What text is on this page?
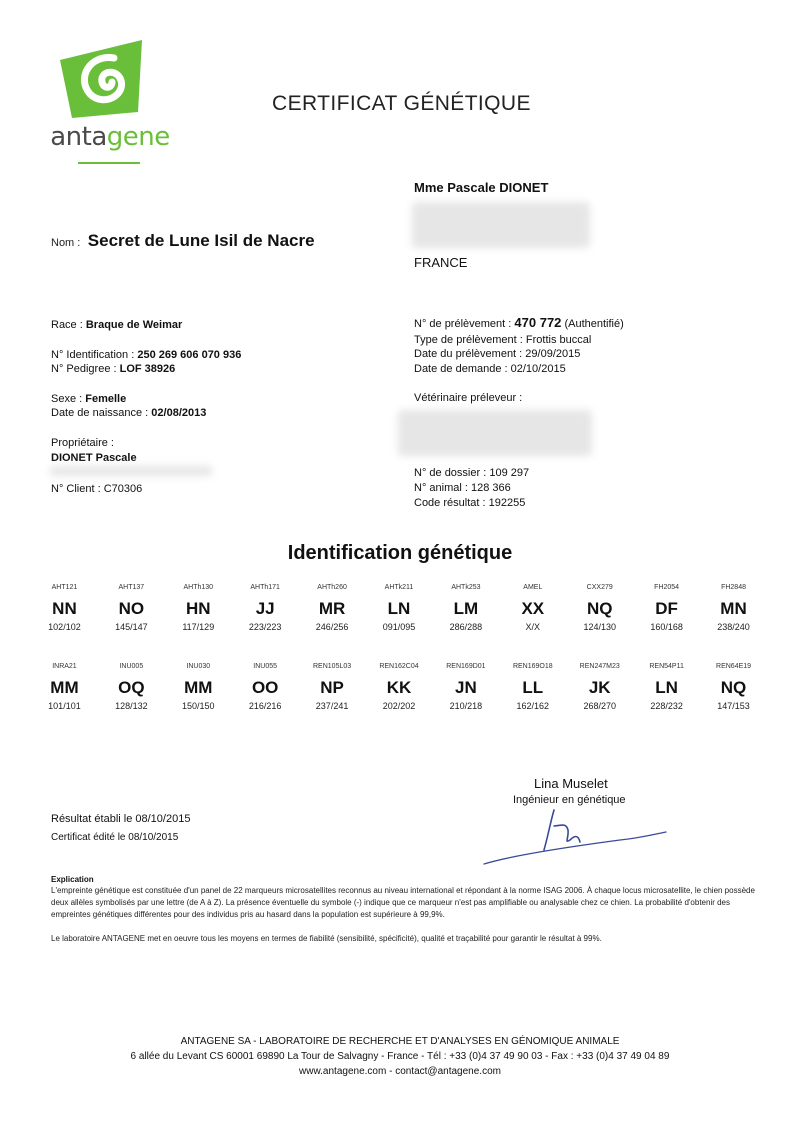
antagene
CERTIFICAT GÉNÉTIQUE
Mme Pascale DIONET
FRANCE
Nom : Secret de Lune Isil de Nacre
Race : Braque de Weimar
N° Identification : 250 269 606 070 936
N° Pedigree : LOF 38926
Sexe : Femelle
Date de naissance : 02/08/2013
Propriétaire :
DIONET Pascale
N° Client : C70306
N° de prélèvement : 470 772 (Authentifié)
Type de prélèvement : Frottis buccal
Date du prélèvement : 29/09/2015
Date de demande : 02/10/2015
Vétérinaire préleveur :
N° de dossier : 109 297
N° animal : 128 366
Code résultat : 192255
Identification génétique
AHT121
NN
102/102
AHT137
NO
145/147
AHTh130
HN
117/129
AHTh171
JJ
223/223
AHTh260
MR
246/256
AHTk211
LN
091/095
AHTk253
LM
286/288
AMEL
XX
X/X
CXX279
NQ
124/130
FH2054
DF
160/168
FH2848
MN
238/240
INRA21
MM
101/101
INU005
OQ
128/132
INU030
MM
150/150
INU055
OO
216/216
REN105L03
NP
237/241
REN162C04
KK
202/202
REN169D01
JN
210/218
REN169O18
LL
162/162
REN247M23
JK
268/270
REN54P11
LN
228/232
REN64E19
NQ
147/153
Résultat établi le 08/10/2015
Certificat édité le 08/10/2015
Lina Muselet
Ingénieur en génétique
Explication
L'empreinte génétique est constituée d'un panel de 22 marqueurs microsatellites reconnus au niveau international et répondant à la norme ISAG 2006. À chaque locus microsatellite, le chien possède deux allèles symbolisés par une lettre (de A à Z). La présence éventuelle du symbole (-) indique que ce marqueur n'est pas amplifiable ou analysable chez ce chien. La probabilité d'obtenir des empreintes génétiques différentes pour des individus pris au hasard dans la population est supérieure à 99,9%.
Le laboratoire ANTAGENE met en oeuvre tous les moyens en termes de fiabilité (sensibilité, spécificité), qualité et traçabilité pour garantir le résultat à 99%.
ANTAGENE SA - LABORATOIRE DE RECHERCHE ET D'ANALYSES EN GÉNOMIQUE ANIMALE
6 allée du Levant CS 60001 69890 La Tour de Salvagny - France - Tél : +33 (0)4 37 49 90 03 - Fax : +33 (0)4 37 49 04 89
www.antagene.com - contact@antagene.com
